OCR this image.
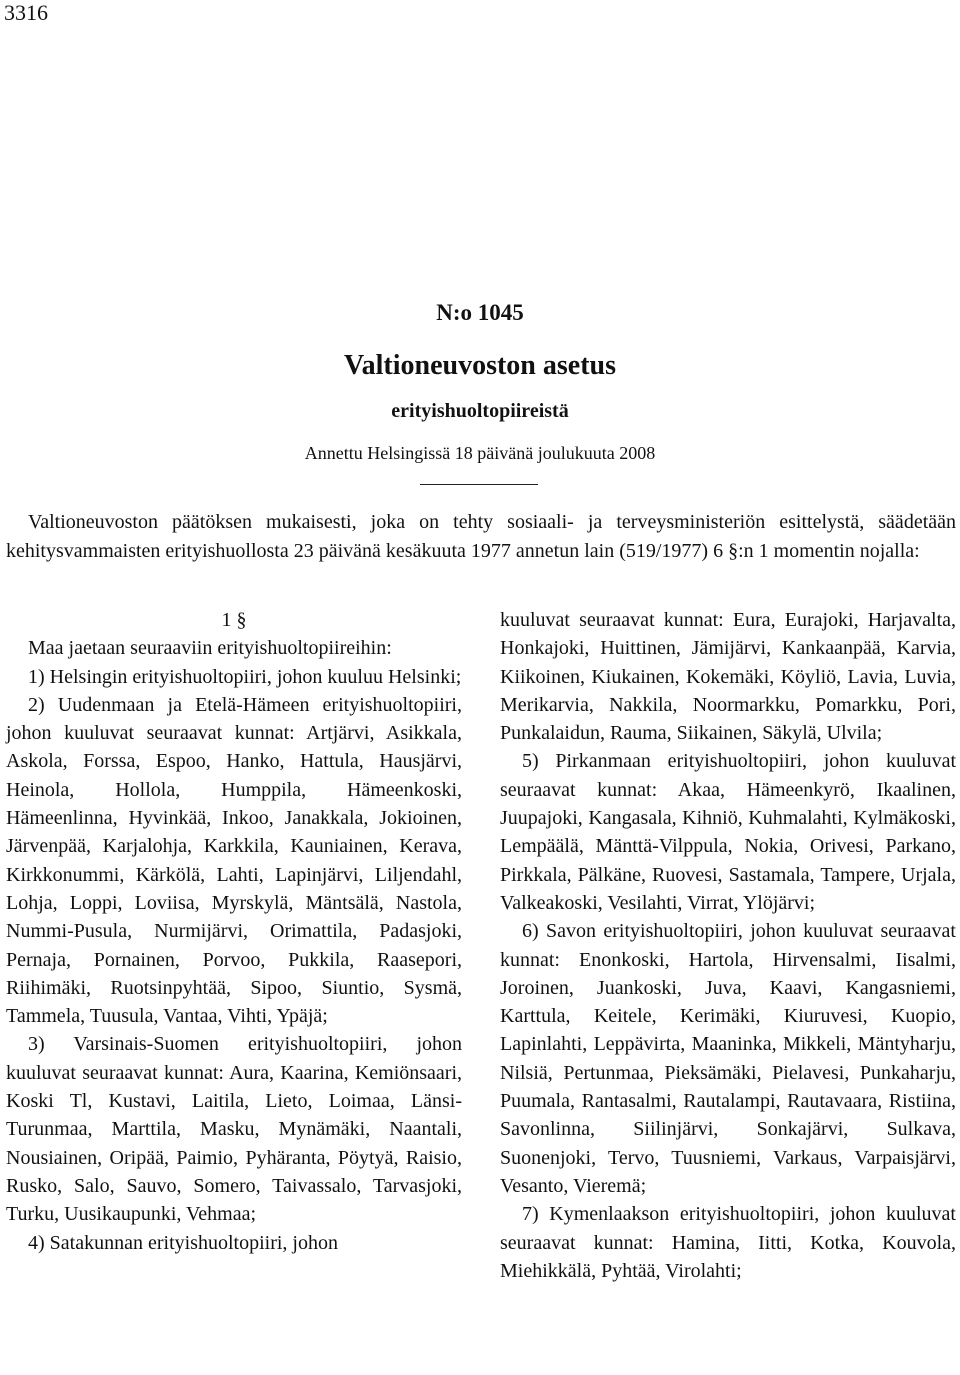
3316
N:o 1045
Valtioneuvoston asetus
erityishuoltopiireistä
Annettu Helsingissä 18 päivänä joulukuuta 2008

Valtioneuvoston päätöksen mukaisesti, joka on tehty sosiaali- ja terveysministeriön esittelystä, säädetään kehitysvammaisten erityishuollosta 23 päivänä kesäkuuta 1977 annetun lain (519/1977) 6 §:n 1 momentin nojalla:

1 §

Maa jaetaan seuraaviin erityishuoltopiireihin:

1) Helsingin erityishuoltopiiri, johon kuuluu Helsinki;

2) Uudenmaan ja Etelä-Hämeen erityishuoltopiiri, johon kuuluvat seuraavat kunnat: Artjärvi, Asikkala, Askola, Forssa, Espoo, Hanko, Hattula, Hausjärvi, Heinola, Hollola, Humppila, Hämeenkoski, Hämeenlinna, Hyvinkää, Inkoo, Janakkala, Jokioinen, Järvenpää, Karjalohja, Karkkila, Kauniainen, Kerava, Kirkkonummi, Kärkölä, Lahti, Lapinjärvi, Liljendahl, Lohja, Loppi, Loviisa, Myrskylä, Mäntsälä, Nastola, Nummi-Pusula, Nurmijärvi, Orimattila, Padasjoki, Pernaja, Pornainen, Porvoo, Pukkila, Raasepori, Riihimäki, Ruotsinpyhtää, Sipoo, Siuntio, Sysmä, Tammela, Tuusula, Vantaa, Vihti, Ypäjä;

3) Varsinais-Suomen erityishuoltopiiri, johon kuuluvat seuraavat kunnat: Aura, Kaarina, Kemiönsaari, Koski Tl, Kustavi, Laitila, Lieto, Loimaa, Länsi-Turunmaa, Marttila, Masku, Mynämäki, Naantali, Nousiainen, Oripää, Paimio, Pyhäranta, Pöytyä, Raisio, Rusko, Salo, Sauvo, Somero, Taivassalo, Tarvasjoki, Turku, Uusikaupunki, Vehmaa;

4) Satakunnan erityishuoltopiiri, johon

kuuluvat seuraavat kunnat: Eura, Eurajoki, Harjavalta, Honkajoki, Huittinen, Jämijärvi, Kankaanpää, Karvia, Kiikoinen, Kiukainen, Kokemäki, Köyliö, Lavia, Luvia, Merikarvia, Nakkila, Noormarkku, Pomarkku, Pori, Punkalaidun, Rauma, Siikainen, Säkylä, Ulvila;

5) Pirkanmaan erityishuoltopiiri, johon kuuluvat seuraavat kunnat: Akaa, Hämeenkyrö, Ikaalinen, Juupajoki, Kangasala, Kihniö, Kuhmalahti, Kylmäkoski, Lempäälä, Mänttä-Vilppula, Nokia, Orivesi, Parkano, Pirkkala, Pälkäne, Ruovesi, Sastamala, Tampere, Urjala, Valkeakoski, Vesilahti, Virrat, Ylöjärvi;

6) Savon erityishuoltopiiri, johon kuuluvat seuraavat kunnat: Enonkoski, Hartola, Hirvensalmi, Iisalmi, Joroinen, Juankoski, Juva, Kaavi, Kangasniemi, Karttula, Keitele, Kerimäki, Kiuruvesi, Kuopio, Lapinlahti, Leppävirta, Maaninka, Mikkeli, Mäntyharju, Nilsiä, Pertunmaa, Pieksämäki, Pielavesi, Punkaharju, Puumala, Rantasalmi, Rautalampi, Rautavaara, Ristiina, Savonlinna, Siilinjärvi, Sonkajärvi, Sulkava, Suonenjoki, Tervo, Tuusniemi, Varkaus, Varpaisjärvi, Vesanto, Vieremä;

7) Kymenlaakson erityishuoltopiiri, johon kuuluvat seuraavat kunnat: Hamina, Iitti, Kotka, Kouvola, Miehikkälä, Pyhtää, Virolahti;
